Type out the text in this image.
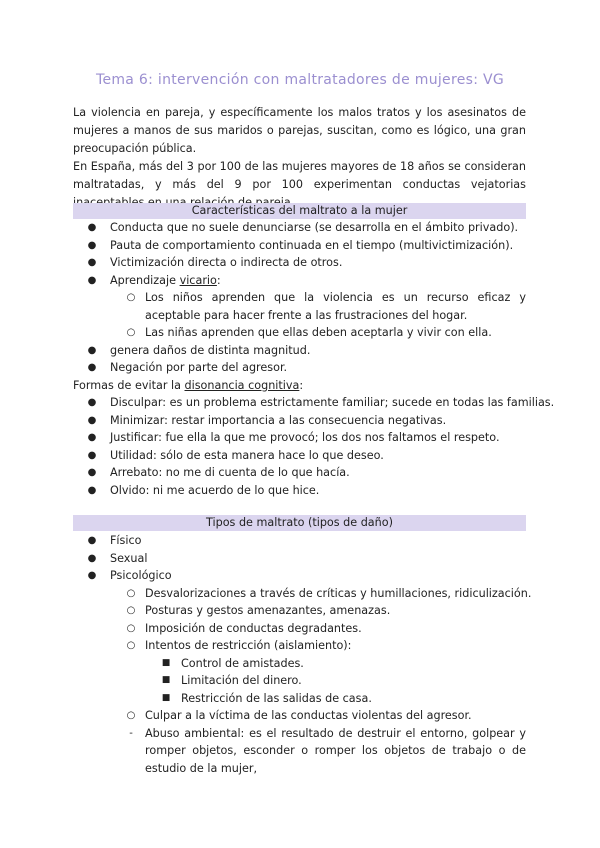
Tema 6: intervención con maltratadores de mujeres: VG
La violencia en pareja, y específicamente los malos tratos y los asesinatos de mujeres a manos de sus maridos o parejas, suscitan, como es lógico, una gran preocupación pública.
En España, más del 3 por 100 de las mujeres mayores de 18 años se consideran maltratadas, y más del 9 por 100 experimentan conductas vejatorias
Características del maltrato a la mujer
● Conducta que no suele denunciarse (se desarrolla en el ámbito privado).
● Pauta de comportamiento continuada en el tiempo (multivictimización).
● Victimización directa o indirecta de otros.
● Aprendizaje vicario:
○ Los niños aprenden que la violencia es un recurso eficaz y aceptable para hacer frente a las frustraciones del hogar.
○ Las niñas aprenden que ellas deben aceptarla y vivir con ella.
● genera daños de distinta magnitud.
● Negación por parte del agresor.
Formas de evitar la disonancia cognitiva:
● Disculpar: es un problema estrictamente familiar; sucede en todas las familias.
● Minimizar: restar importancia a las consecuencia negativas.
● Justificar: fue ella la que me provocó; los dos nos faltamos el respeto.
● Utilidad: sólo de esta manera hace lo que deseo.
● Arrebato: no me di cuenta de lo que hacía.
● Olvido: ni me acuerdo de lo que hice.
Tipos de maltrato (tipos de daño)
● Físico
● Sexual
● Psicológico
○ Desvalorizaciones a través de críticas y humillaciones, ridiculización.
○ Posturas y gestos amenazantes, amenazas.
○ Imposición de conductas degradantes.
○ Intentos de restricción (aislamiento):
■ Control de amistades.
■ Limitación del dinero.
■ Restricción de las salidas de casa.
○ Culpar a la víctima de las conductas violentas del agresor.
-	Abuso ambiental: es el resultado de destruir el entorno, golpear y romper objetos, esconder o romper los objetos de trabajo o de estudio de la mujer,
